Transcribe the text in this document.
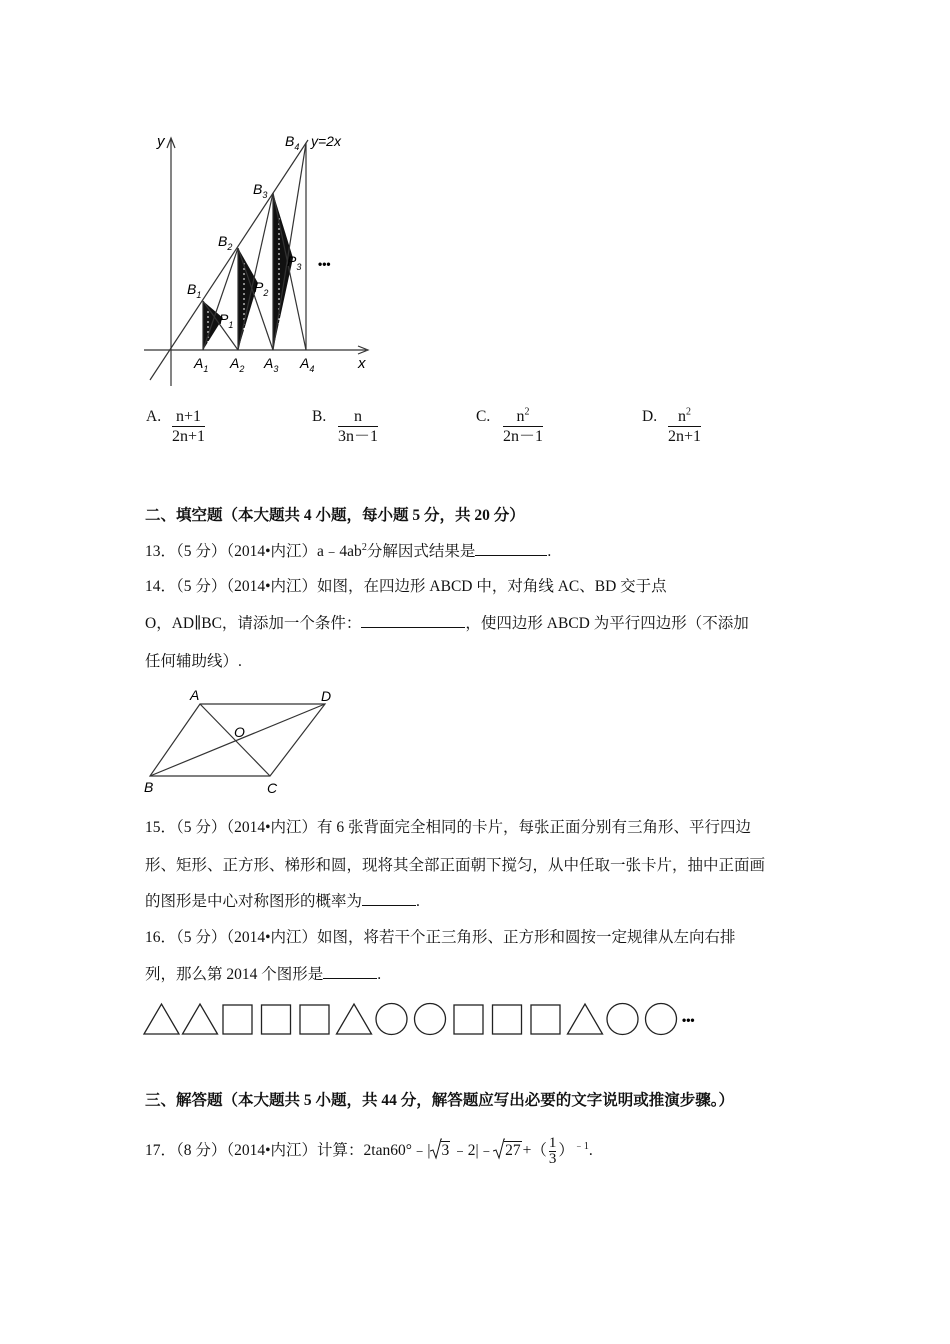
y
x
y=2x
$B_1$
$B_2$
$B_3$
$B_4$
$A_1$ $A_2$ $A_3$ $A_4$
$P_1$
$P_2$
$P_3$ •••
A. n+1
2n+1
B.	n
3n－1
C.	$n^2$
2n－1
D.	$n^2$
2n+1
二、填空题（本大题共 4 小题，每小题 5 分，共 20 分）
13．（5 分）（2014•内江）$a﹣4ab^2$分解因式结果是	.
14．（5 分）（2014•内江）如图，在四边形 ABCD 中，对角线 AC、BD 交于点
O，AD∥BC，请添加一个条件：	，使四边形 ABCD 为平行四边形（不添加
任何辅助线）.
A	D
O
B	C
15．（5 分）（2014•内江）有 6 张背面完全相同的卡片，每张正面分别有三角形、平行四边
形、矩形、正方形、梯形和圆，现将其全部正面朝下搅匀，从中任取一张卡片，抽中正面画
的图形是中心对称图形的概率为	.
16．（5 分）（2014•内江）如图，将若干个正三角形、正方形和圆按一定规律从左向右排
列，那么第 2014 个图形是	.
•••
三、解答题（本大题共 5 小题，共 44 分，解答题应写出必要的文字说明或推演步骤。）
17．（8 分）（2014•内江）计算：2tan60°﹣| 3 ﹣2|﹣ 27 +（ $\frac{1}{3} )^{﹣1}$.
